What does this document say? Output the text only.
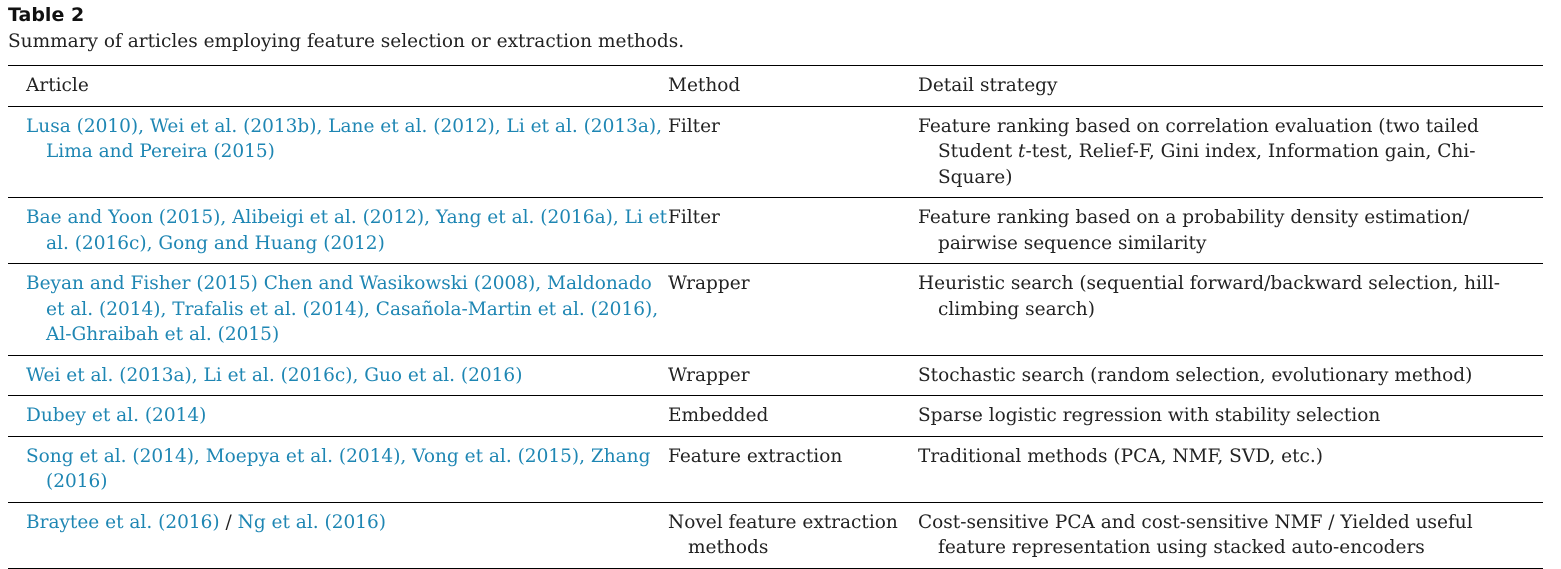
Table 2
Summary of articles employing feature selection or extraction methods.
Article	Method	Detail strategy

Lusa (2010), Wei et al. (2013b), Lane et al. (2012), Li et al. (2013a), Lima and Pereira (2015)	Filter	Feature ranking based on correlation evaluation (two tailed Student t-test, Relief-F, Gini index, Information gain, Chi-Square)

Bae and Yoon (2015), Alibeigi et al. (2012), Yang et al. (2016a), Li et al. (2016c), Gong and Huang (2012)	Filter	Feature ranking based on a probability density estimation/ pairwise sequence similarity

Beyan and Fisher (2015) Chen and Wasikowski (2008), Maldonado et al. (2014), Trafalis et al. (2014), Casañola-Martin et al. (2016), Al-Ghraibah et al. (2015)	Wrapper	Heuristic search (sequential forward/backward selection, hill-climbing search)

Wei et al. (2013a), Li et al. (2016c), Guo et al. (2016)	Wrapper	Stochastic search (random selection, evolutionary method)

Dubey et al. (2014)	Embedded	Sparse logistic regression with stability selection

Song et al. (2014), Moepya et al. (2014), Vong et al. (2015), Zhang (2016)	Feature extraction	Traditional methods (PCA, NMF, SVD, etc.)

Braytee et al. (2016) / Ng et al. (2016)	Novel feature extraction methods	Cost-sensitive PCA and cost-sensitive NMF / Yielded useful feature representation using stacked auto-encoders
